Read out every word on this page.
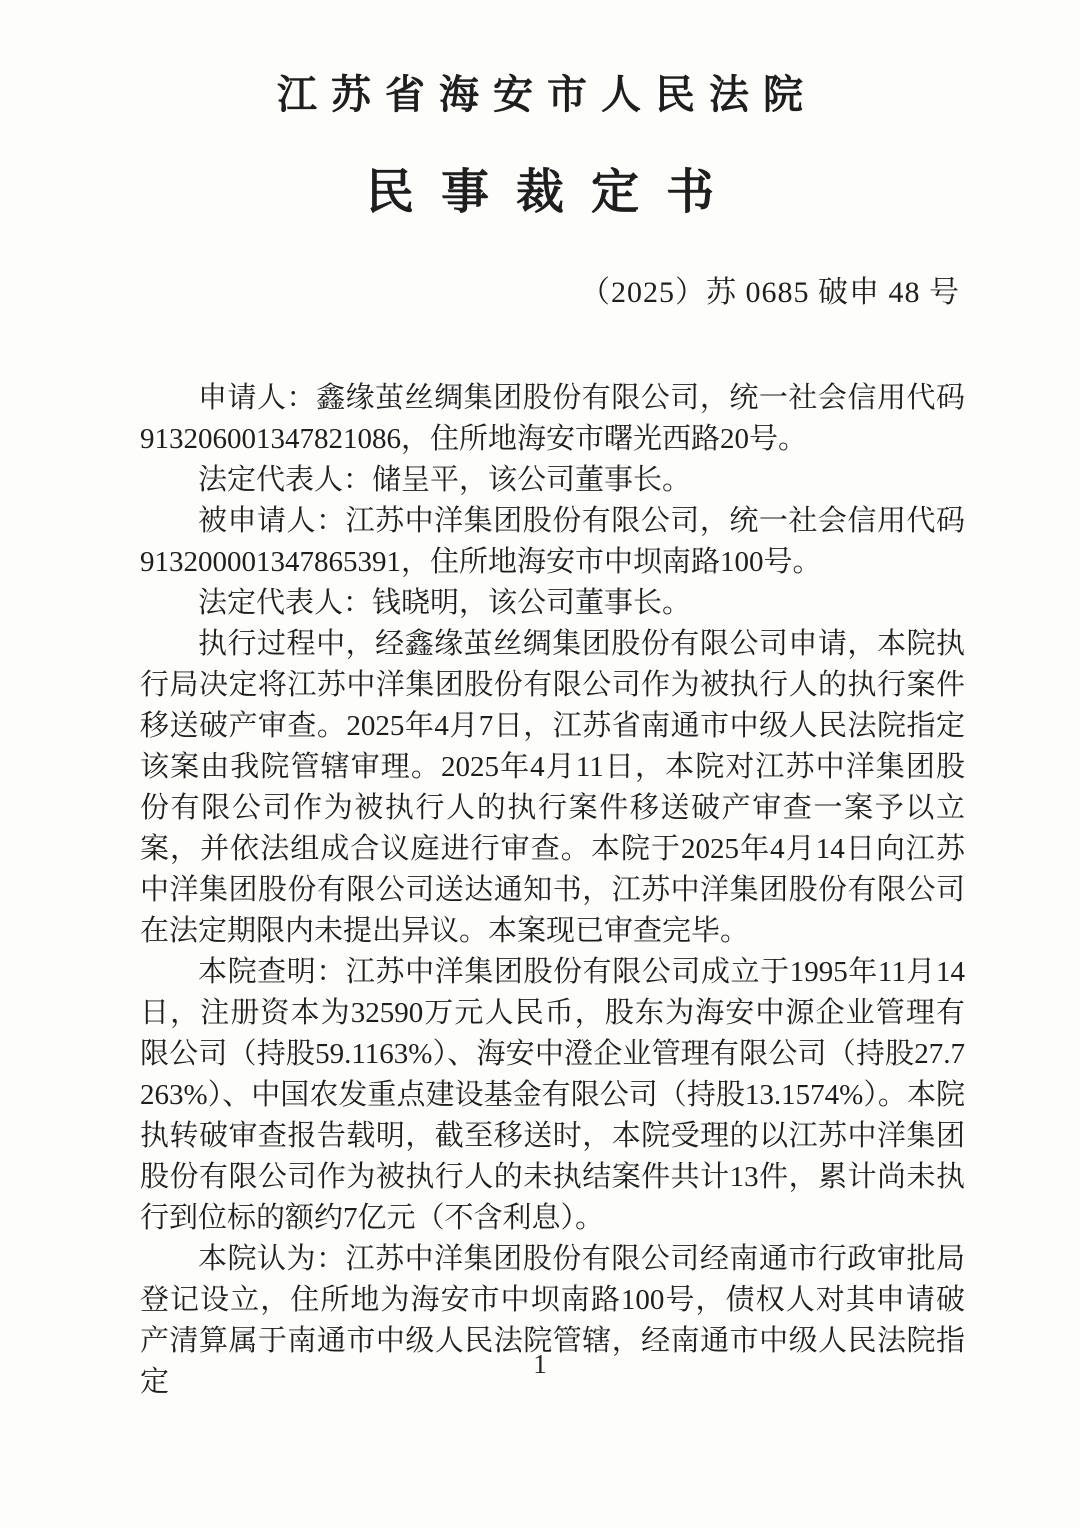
江苏省海安市人民法院
民事裁定书
（2025）苏 0685 破申 48 号

申请人：鑫缘茧丝绸集团股份有限公司，统一社会信用代码913206001347821086，住所地海安市曙光西路20号。

法定代表人：储呈平，该公司董事长。

被申请人：江苏中洋集团股份有限公司，统一社会信用代码913200001347865391，住所地海安市中坝南路100号。

法定代表人：钱晓明，该公司董事长。

执行过程中，经鑫缘茧丝绸集团股份有限公司申请，本院执行局决定将江苏中洋集团股份有限公司作为被执行人的执行案件移送破产审查。2025年4月7日，江苏省南通市中级人民法院指定该案由我院管辖审理。2025年4月11日，本院对江苏中洋集团股份有限公司作为被执行人的执行案件移送破产审查一案予以立案，并依法组成合议庭进行审查。本院于2025年4月14日向江苏中洋集团股份有限公司送达通知书，江苏中洋集团股份有限公司在法定期限内未提出异议。本案现已审查完毕。

本院查明：江苏中洋集团股份有限公司成立于1995年11月14日，注册资本为32590万元人民币，股东为海安中源企业管理有限公司（持股59.1163%）、海安中澄企业管理有限公司（持股27.7263%）、中国农发重点建设基金有限公司（持股13.1574%）。本院执转破审查报告载明，截至移送时，本院受理的以江苏中洋集团股份有限公司作为被执行人的未执结案件共计13件，累计尚未执行到位标的额约7亿元（不含利息）。

本院认为：江苏中洋集团股份有限公司经南通市行政审批局登记设立，住所地为海安市中坝南路100号，债权人对其申请破产清算属于南通市中级人民法院管辖，经南通市中级人民法院指定

1
